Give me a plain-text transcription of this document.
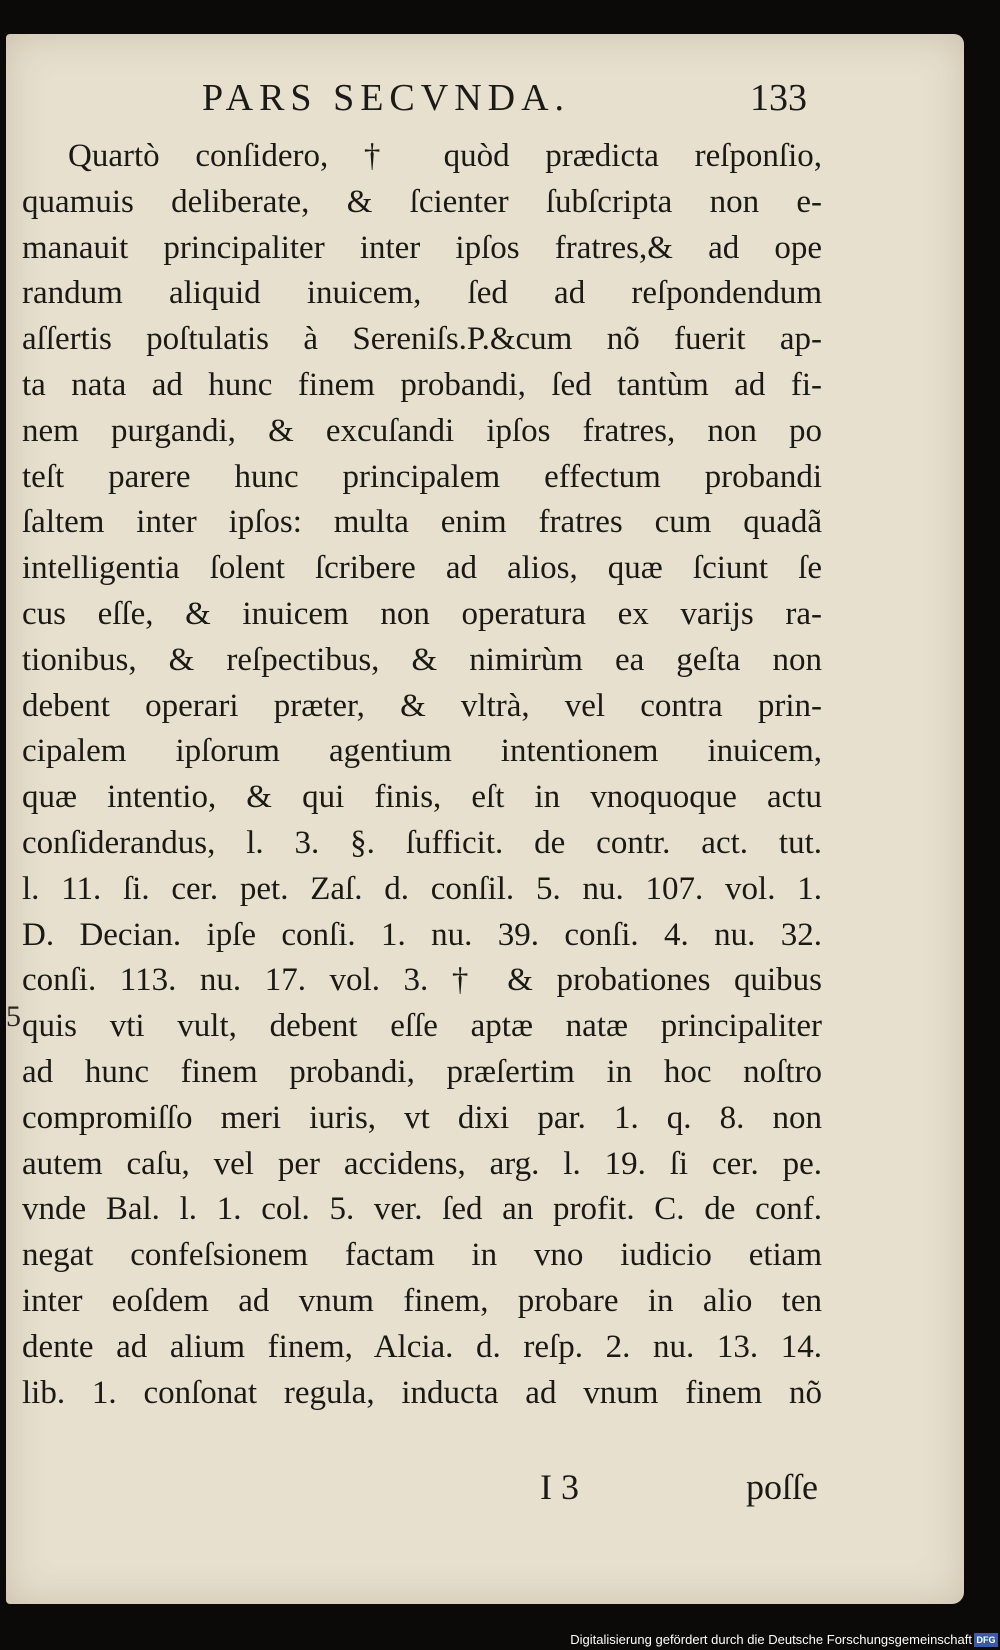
PARS SECVNDA.	133
5
Quartò conſidero, † quòd prædicta reſponſio,
quamuis deliberate, & ſcienter ſubſcripta non e-
manauit principaliter inter ipſos fratres,& ad ope
randum aliquid inuicem, ſed ad reſpondendum
aſſertis poſtulatis à Sereniſs.P.&cum nõ fuerit ap-
ta nata ad hunc finem probandi, ſed tantùm ad fi-
nem purgandi, & excuſandi ipſos fratres, non po
teſt parere hunc principalem effectum probandi
ſaltem inter ipſos: multa enim fratres cum quadã
intelligentia ſolent ſcribere ad alios, quæ ſciunt ſe
cus eſſe, & inuicem non operatura ex varijs ra-
tionibus, & reſpectibus, & nimirùm ea geſta non
debent operari præter, & vltrà, vel contra prin-
cipalem ipſorum agentium intentionem inuicem,
quæ intentio, & qui finis, eſt in vnoquoque actu
conſiderandus, l. 3. §. ſufficit. de contr. act. tut.
l. 11. ſi. cer. pet. Zaſ. d. conſil. 5. nu. 107. vol. 1.
D. Decian. ipſe conſi. 1. nu. 39. conſi. 4. nu. 32.
conſi. 113. nu. 17. vol. 3. † & probationes quibus
quis vti vult, debent eſſe aptæ natæ principaliter
ad hunc finem probandi, præſertim in hoc noſtro
compromiſſo meri iuris, vt dixi par. 1. q. 8. non
autem caſu, vel per accidens, arg. l. 19. ſi cer. pe.
vnde Bal. l. 1. col. 5. ver. ſed an profit. C. de conf.
negat confeſsionem factam in vno iudicio etiam
inter eoſdem ad vnum finem, probare in alio ten
dente ad alium finem, Alcia. d. reſp. 2. nu. 13. 14.
lib. 1. conſonat regula, inducta ad vnum finem nõ
I 3	poſſe
Digitalisierung gefördert durch die Deutsche Forschungsgemeinschaft DFG
